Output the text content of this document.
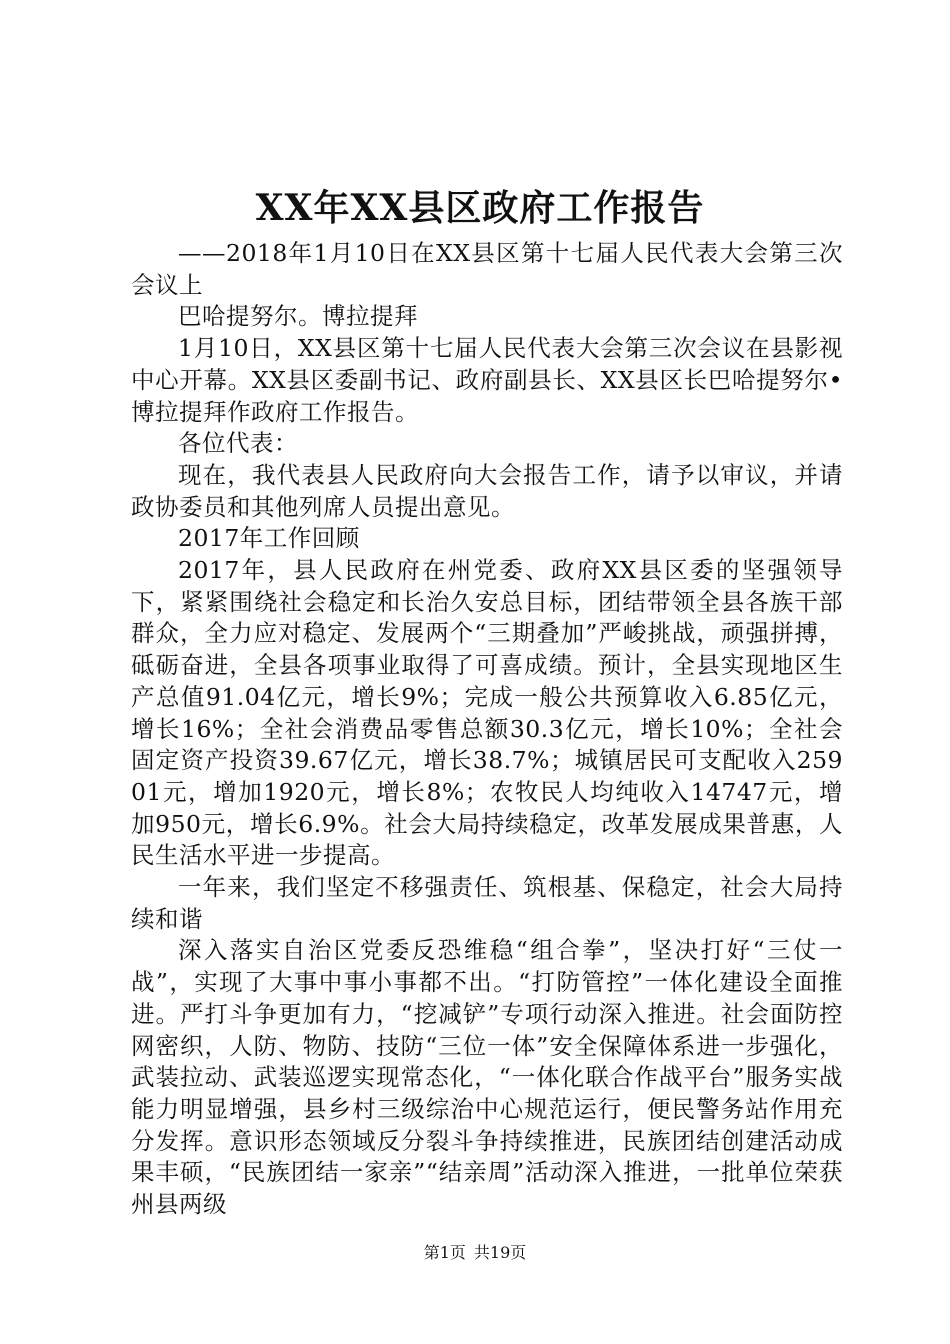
XX年XX县区政府工作报告

——2018年1月10日在XX县区第十七届人民代表大会第三次会议上

巴哈提努尔。博拉提拜

1月10日，XX县区第十七届人民代表大会第三次会议在县影视中心开幕。XX县区委副书记、政府副县长、XX县区长巴哈提努尔•博拉提拜作政府工作报告。

各位代表：

现在，我代表县人民政府向大会报告工作，请予以审议，并请政协委员和其他列席人员提出意见。

2017年工作回顾

2017年，县人民政府在州党委、政府XX县区委的坚强领导下，紧紧围绕社会稳定和长治久安总目标，团结带领全县各族干部群众，全力应对稳定、发展两个“三期叠加”严峻挑战，顽强拼搏，砥砺奋进，全县各项事业取得了可喜成绩。预计，全县实现地区生产总值91.04亿元，增长9%；完成一般公共预算收入6.85亿元，增长16%；全社会消费品零售总额30.3亿元，增长10%；全社会固定资产投资39.67亿元，增长38.7%；城镇居民可支配收入25901元，增加1920元，增长8%；农牧民人均纯收入14747元，增加950元，增长6.9%。社会大局持续稳定，改革发展成果普惠，人民生活水平进一步提高。

一年来，我们坚定不移强责任、筑根基、保稳定，社会大局持续和谐

深入落实自治区党委反恐维稳“组合拳”，坚决打好“三仗一战”，实现了大事中事小事都不出。“打防管控”一体化建设全面推进。严打斗争更加有力，“挖减铲”专项行动深入推进。社会面防控网密织，人防、物防、技防“三位一体”安全保障体系进一步强化，武装拉动、武装巡逻实现常态化，“一体化联合作战平台”服务实战能力明显增强，县乡村三级综治中心规范运行，便民警务站作用充分发挥。意识形态领域反分裂斗争持续推进，民族团结创建活动成果丰硕，“民族团结一家亲”“结亲周”活动深入推进，一批单位荣获州县两级

第1页 共19页
